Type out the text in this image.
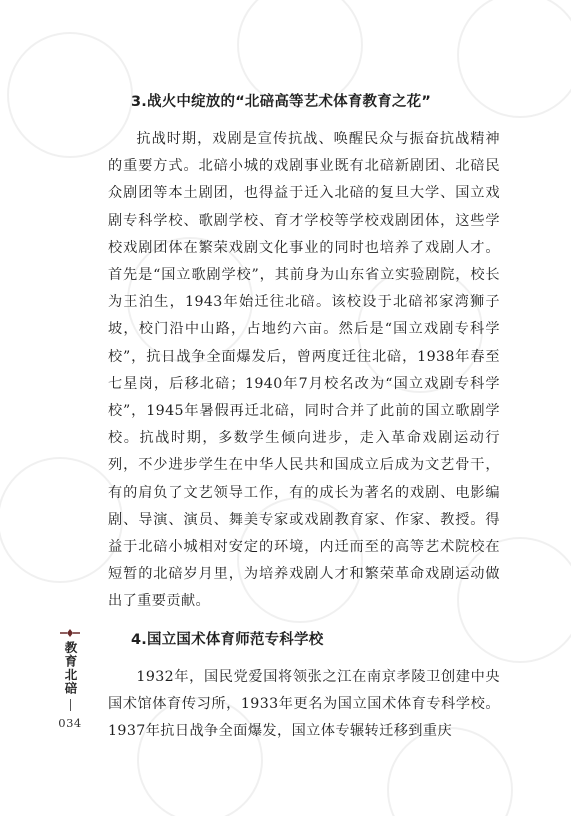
3.战火中绽放的“北碚高等艺术体育教育之花”

抗战时期，戏剧是宣传抗战、唤醒民众与振奋抗战精神的重要方式。北碚小城的戏剧事业既有北碚新剧团、北碚民众剧团等本土剧团，也得益于迁入北碚的复旦大学、国立戏剧专科学校、歌剧学校、育才学校等学校戏剧团体，这些学校戏剧团体在繁荣戏剧文化事业的同时也培养了戏剧人才。首先是“国立歌剧学校”，其前身为山东省立实验剧院，校长为王泊生，1943年始迁往北碚。该校设于北碚祁家湾狮子坡，校门沿中山路，占地约六亩。然后是“国立戏剧专科学校”，抗日战争全面爆发后，曾两度迁往北碚，1938年春至七星岗，后移北碚；1940年7月校名改为“国立戏剧专科学校”，1945年暑假再迁北碚，同时合并了此前的国立歌剧学校。抗战时期，多数学生倾向进步，走入革命戏剧运动行列，不少进步学生在中华人民共和国成立后成为文艺骨干，有的肩负了文艺领导工作，有的成长为著名的戏剧、电影编剧、导演、演员、舞美专家或戏剧教育家、作家、教授。得益于北碚小城相对安定的环境，内迁而至的高等艺术院校在短暂的北碚岁月里，为培养戏剧人才和繁荣革命戏剧运动做出了重要贡献。

4.国立国术体育师范专科学校

1932年，国民党爱国将领张之江在南京孝陵卫创建中央国术馆体育传习所，1933年更名为国立国术体育专科学校。1937年抗日战争全面爆发，国立体专辗转迁移到重庆

教育北碚
034
